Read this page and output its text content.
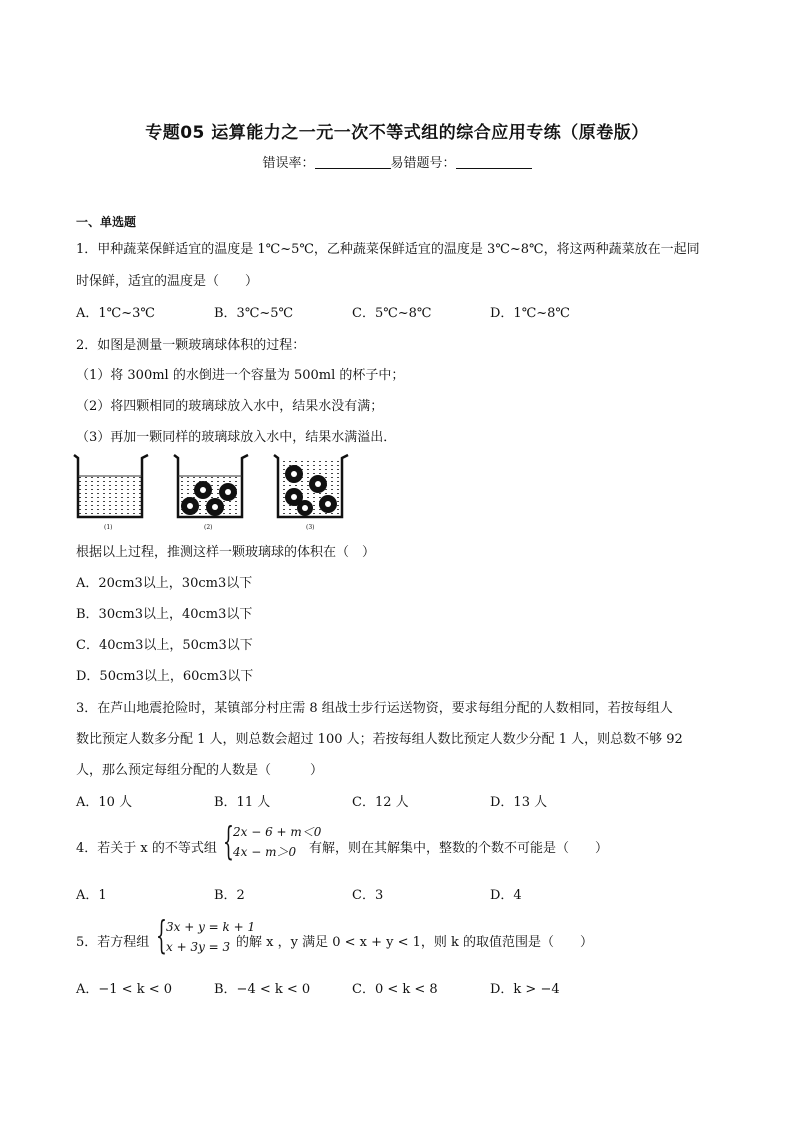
专题05 运算能力之一元一次不等式组的综合应用专练（原卷版）
错误率：	易错题号：
一、单选题
1．甲种蔬菜保鲜适宜的温度是 1℃~5℃，乙种蔬菜保鲜适宜的温度是 3℃~8℃，将这两种蔬菜放在一起同
时保鲜，适宜的温度是（　　）
A．1℃~3℃	B．3℃~5℃	C．5℃~8℃	D．1℃~8℃
2．如图是测量一颗玻璃球体积的过程：
（1）将 300ml 的水倒进一个容量为 500ml 的杯子中；
（2）将四颗相同的玻璃球放入水中，结果水没有满；
（3）再加一颗同样的玻璃球放入水中，结果水满溢出．
(1)	(2)	(3)
根据以上过程，推测这样一颗玻璃球的体积在（　）
A．20cm3以上，30cm3以下
B．30cm3以上，40cm3以下
C．40cm3以上，50cm3以下
D．50cm3以上，60cm3以下
3．在芦山地震抢险时，某镇部分村庄需 8 组战士步行运送物资，要求每组分配的人数相同，若按每组人
数比预定人数多分配 1 人，则总数会超过 100 人；若按每组人数比预定人数少分配 1 人，则总数不够 92
人，那么预定每组分配的人数是（　　　）
A．10 人	B．11 人	C．12 人	D．13 人
4．若关于 x 的不等式组 { 2x − 6 + m＜0
4x − m＞0 有解，则在其解集中，整数的个数不可能是（　　）
A．1	B．2	C．3	D．4
5．若方程组 { 3x + y = k + 1
x + 3y = 3 的解 x ，y 满足 0 < x + y < 1，则 k 的取值范围是（　　）
A．−1 < k < 0	B．−4 < k < 0	C．0 < k < 8	D．k > −4
